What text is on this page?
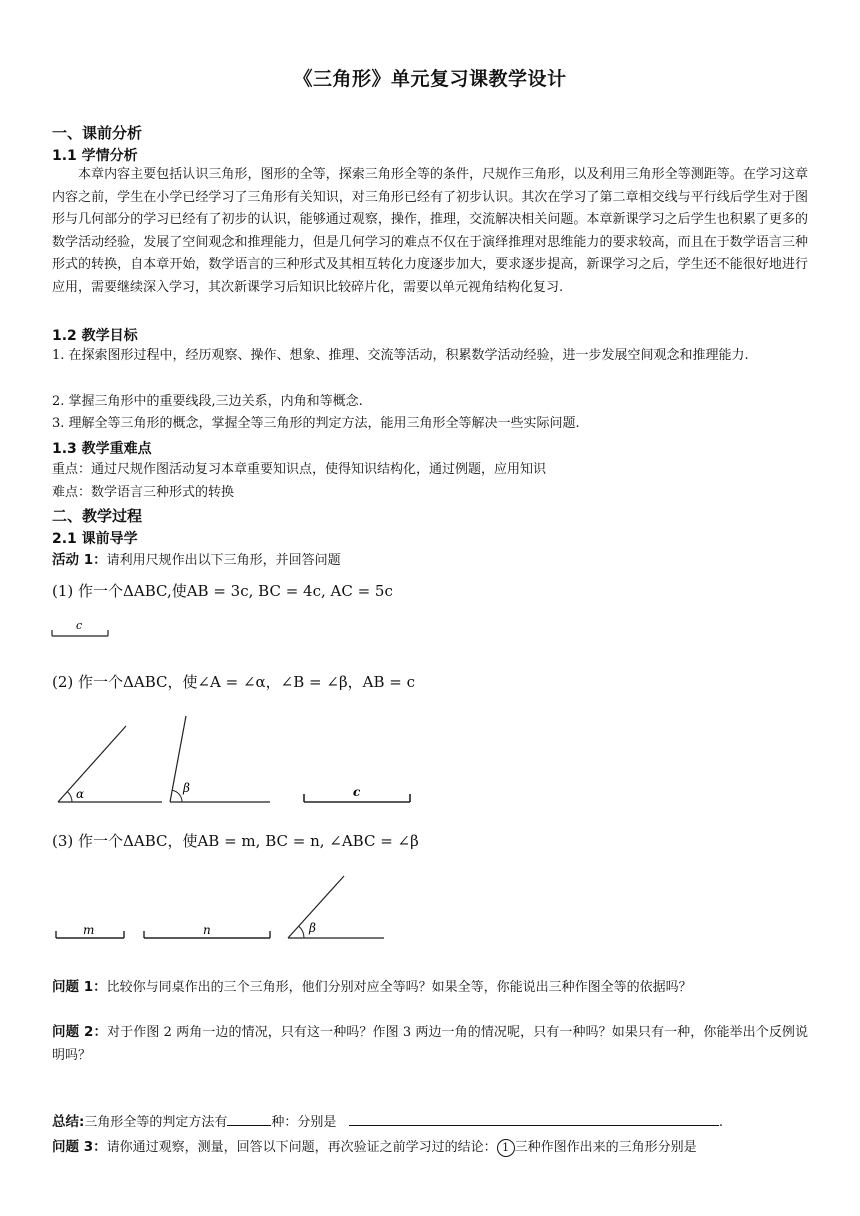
《三角形》单元复习课教学设计
一、课前分析
1.1 学情分析
本章内容主要包括认识三角形，图形的全等，探索三角形全等的条件，尺规作三角形，以及利用三角形全等测距等。在学习这章内容之前，学生在小学已经学习了三角形有关知识，对三角形已经有了初步认识。其次在学习了第二章相交线与平行线后学生对于图形与几何部分的学习已经有了初步的认识，能够通过观察，操作，推理，交流解决相关问题。本章新课学习之后学生也积累了更多的数学活动经验，发展了空间观念和推理能力，但是几何学习的难点不仅在于演绎推理对思维能力的要求较高，而且在于数学语言三种形式的转换，自本章开始，数学语言的三种形式及其相互转化力度逐步加大，要求逐步提高，新课学习之后，学生还不能很好地进行应用，需要继续深入学习，其次新课学习后知识比较碎片化，需要以单元视角结构化复习.
1.2 教学目标
1. 在探索图形过程中，经历观察、操作、想象、推理、交流等活动，积累数学活动经验，进一步发展空间观念和推理能力.
2. 掌握三角形中的重要线段,三边关系，内角和等概念.
3. 理解全等三角形的概念，掌握全等三角形的判定方法，能用三角形全等解决一些实际问题.
1.3 教学重难点
重点：通过尺规作图活动复习本章重要知识点，使得知识结构化，通过例题，应用知识
难点：数学语言三种形式的转换
二、教学过程
2.1 课前导学
活动 1：请利用尺规作出以下三角形，并回答问题
(1) 作一个ΔABC,使AB = 3c, BC = 4c, AC = 5c
c
(2) 作一个ΔABC，使∠A = ∠α，∠B = ∠β，AB = c
α	β	c
(3) 作一个ΔABC，使AB = m, BC = n, ∠ABC = ∠β
m	n	β
问题 1：比较你与同桌作出的三个三角形，他们分别对应全等吗？如果全等，你能说出三种作图全等的依据吗？
问题 2：对于作图 2 两角一边的情况，只有这一种吗？作图 3 两边一角的情况呢，只有一种吗？如果只有一种，你能举出个反例说明吗？
总结:三角形全等的判定方法有	种：分别是	.
问题 3：请你通过观察，测量，回答以下问题，再次验证之前学习过的结论： 1 三种作图作出来的三角形分别是
